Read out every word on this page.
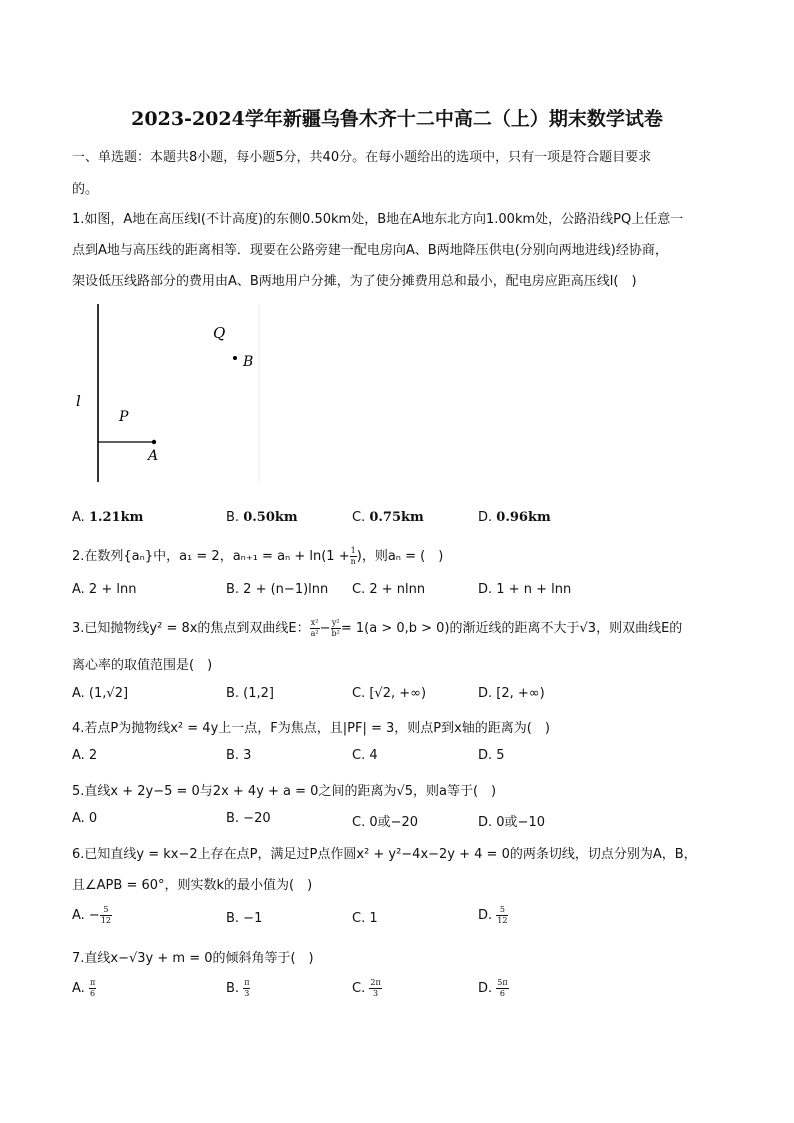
2023-2024学年新疆乌鲁木齐十二中高二（上）期末数学试卷
一、单选题：本题共8小题，每小题5分，共40分。在每小题给出的选项中，只有一项是符合题目要求
的。
1.如图，A地在高压线l(不计高度)的东侧0.50km处，B地在A地东北方向1.00km处，公路沿线PQ上任意一
点到A地与高压线的距离相等．现要在公路旁建一配电房向A、B两地降压供电(分别向两地进线)经协商，
架设低压线路部分的费用由A、B两地用户分摊，为了使分摊费用总和最小，配电房应距高压线l(　)
l
P
Q
A
B
A. 1.21km	B. 0.50km	C. 0.75km	D. 0.96km
2.在数列{aₙ}中，a₁ = 2，$a_{n+1} = a_n + \ln(1 + \frac{1}{n}$ )，则aₙ = (　)
A. 2 + lnn	B. 2 + (n−1)lnn C. 2 + nlnn	D. 1 + n + lnn
3.已知抛物线y² = 8x的焦点到双曲线E： $\frac{\text{x²}}{\text{a²}} - \frac{\text{y²}}{\text{b²}} = 1(a > 0,b > 0)$的渐近线的距离不大于√3，则双曲线E的
离心率的取值范围是(　)
A. (1,√2]	B. (1,2]	C. [√2, +∞)	D. [2, +∞)
4.若点P为抛物线x² = 4y上一点，F为焦点，且|PF| = 3，则点P到x轴的距离为(　)
A. 2	B. 3	C. 4	D. 5
5.直线x + 2y−5 = 0与2x + 4y + a = 0之间的距离为√5，则a等于(　)
A. 0	B. −20	C. 0或−20	D. 0或−10
6.已知直线y = kx−2上存在点P，满足过P点作圆x² + y²−4x−2y + 4 = 0的两条切线，切点分别为A，B，
且∠APB = 60°，则实数k的最小值为(　)
A. − $\frac{5}{12}$	B. −1	C. 1	D. $\frac{5}{12}$
7.直线x−√3y + m = 0的倾斜角等于(　)
A. $\frac{\pi}{6}$	B. $\frac{\pi}{3}$	C. $\frac{2\pi}{3}$	D. $\frac{5\pi}{6}$
